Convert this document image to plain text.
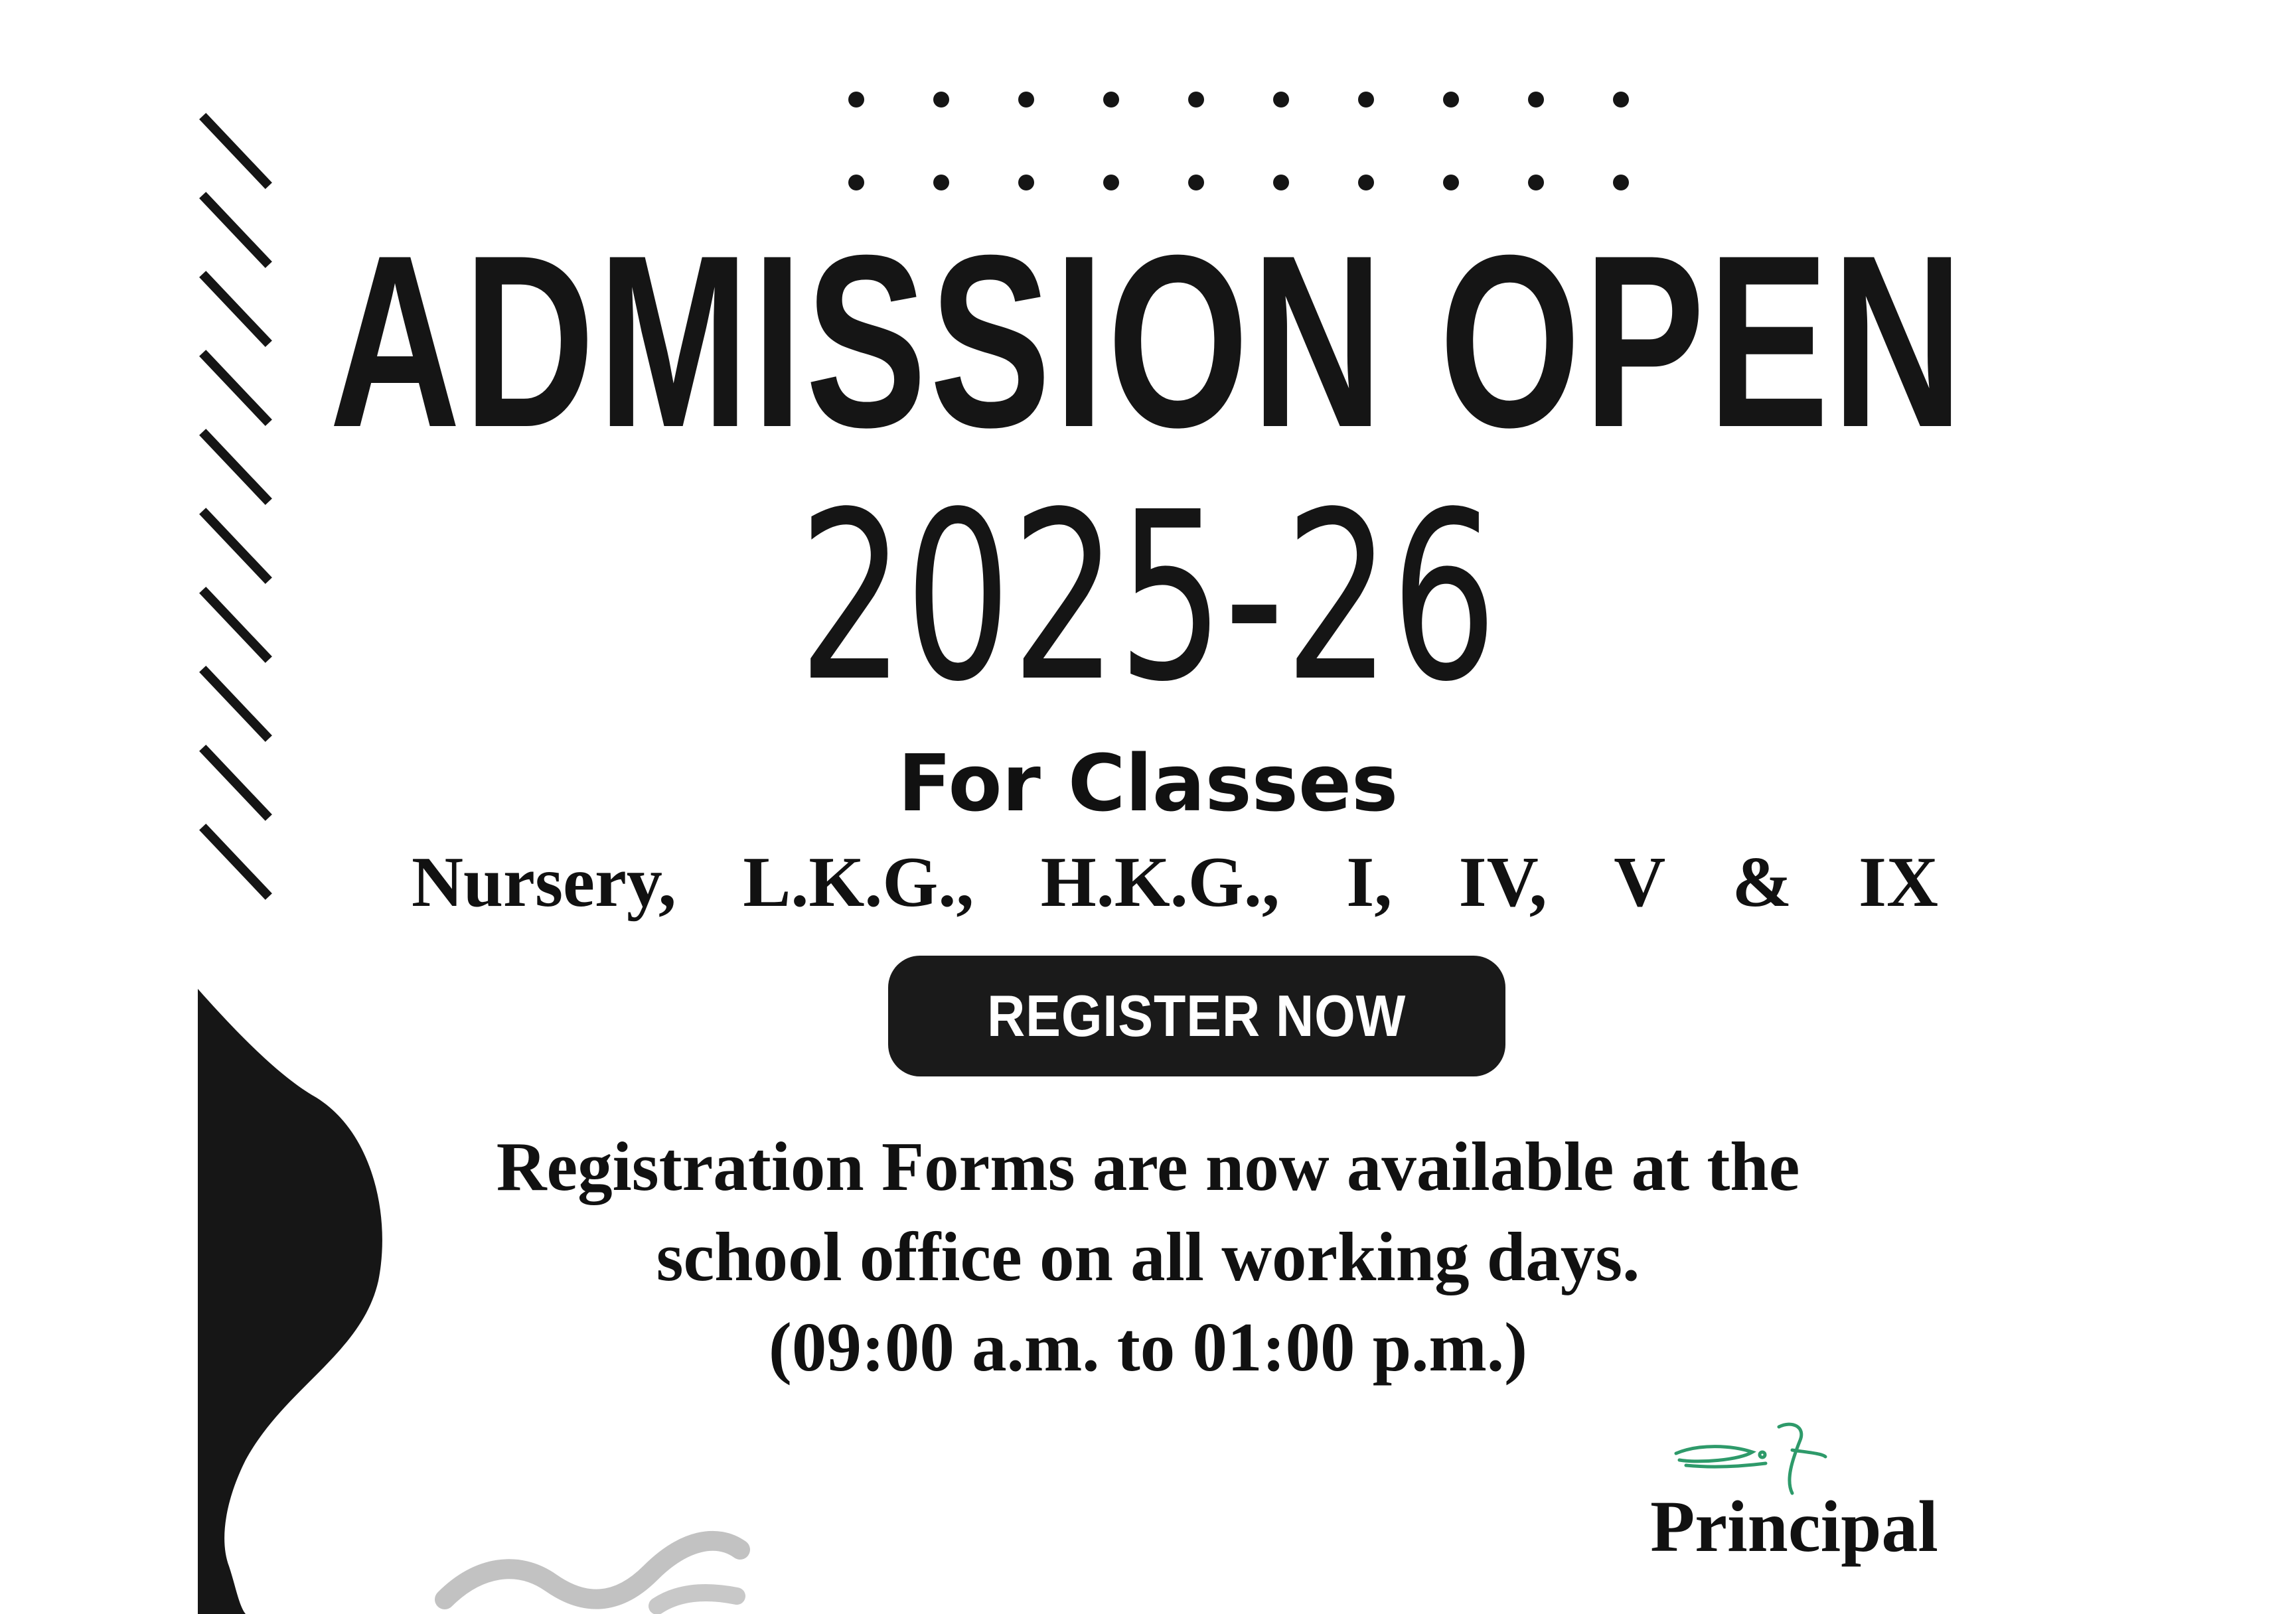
ADMISSION OPEN
2025-26
For Classes
Nursery, L.K.G., H.K.G., I, IV, V & IX
REGISTER NOW
Registration Forms are now available at the
school office on all working days.
(09:00 a.m. to 01:00 p.m.)
Principal
